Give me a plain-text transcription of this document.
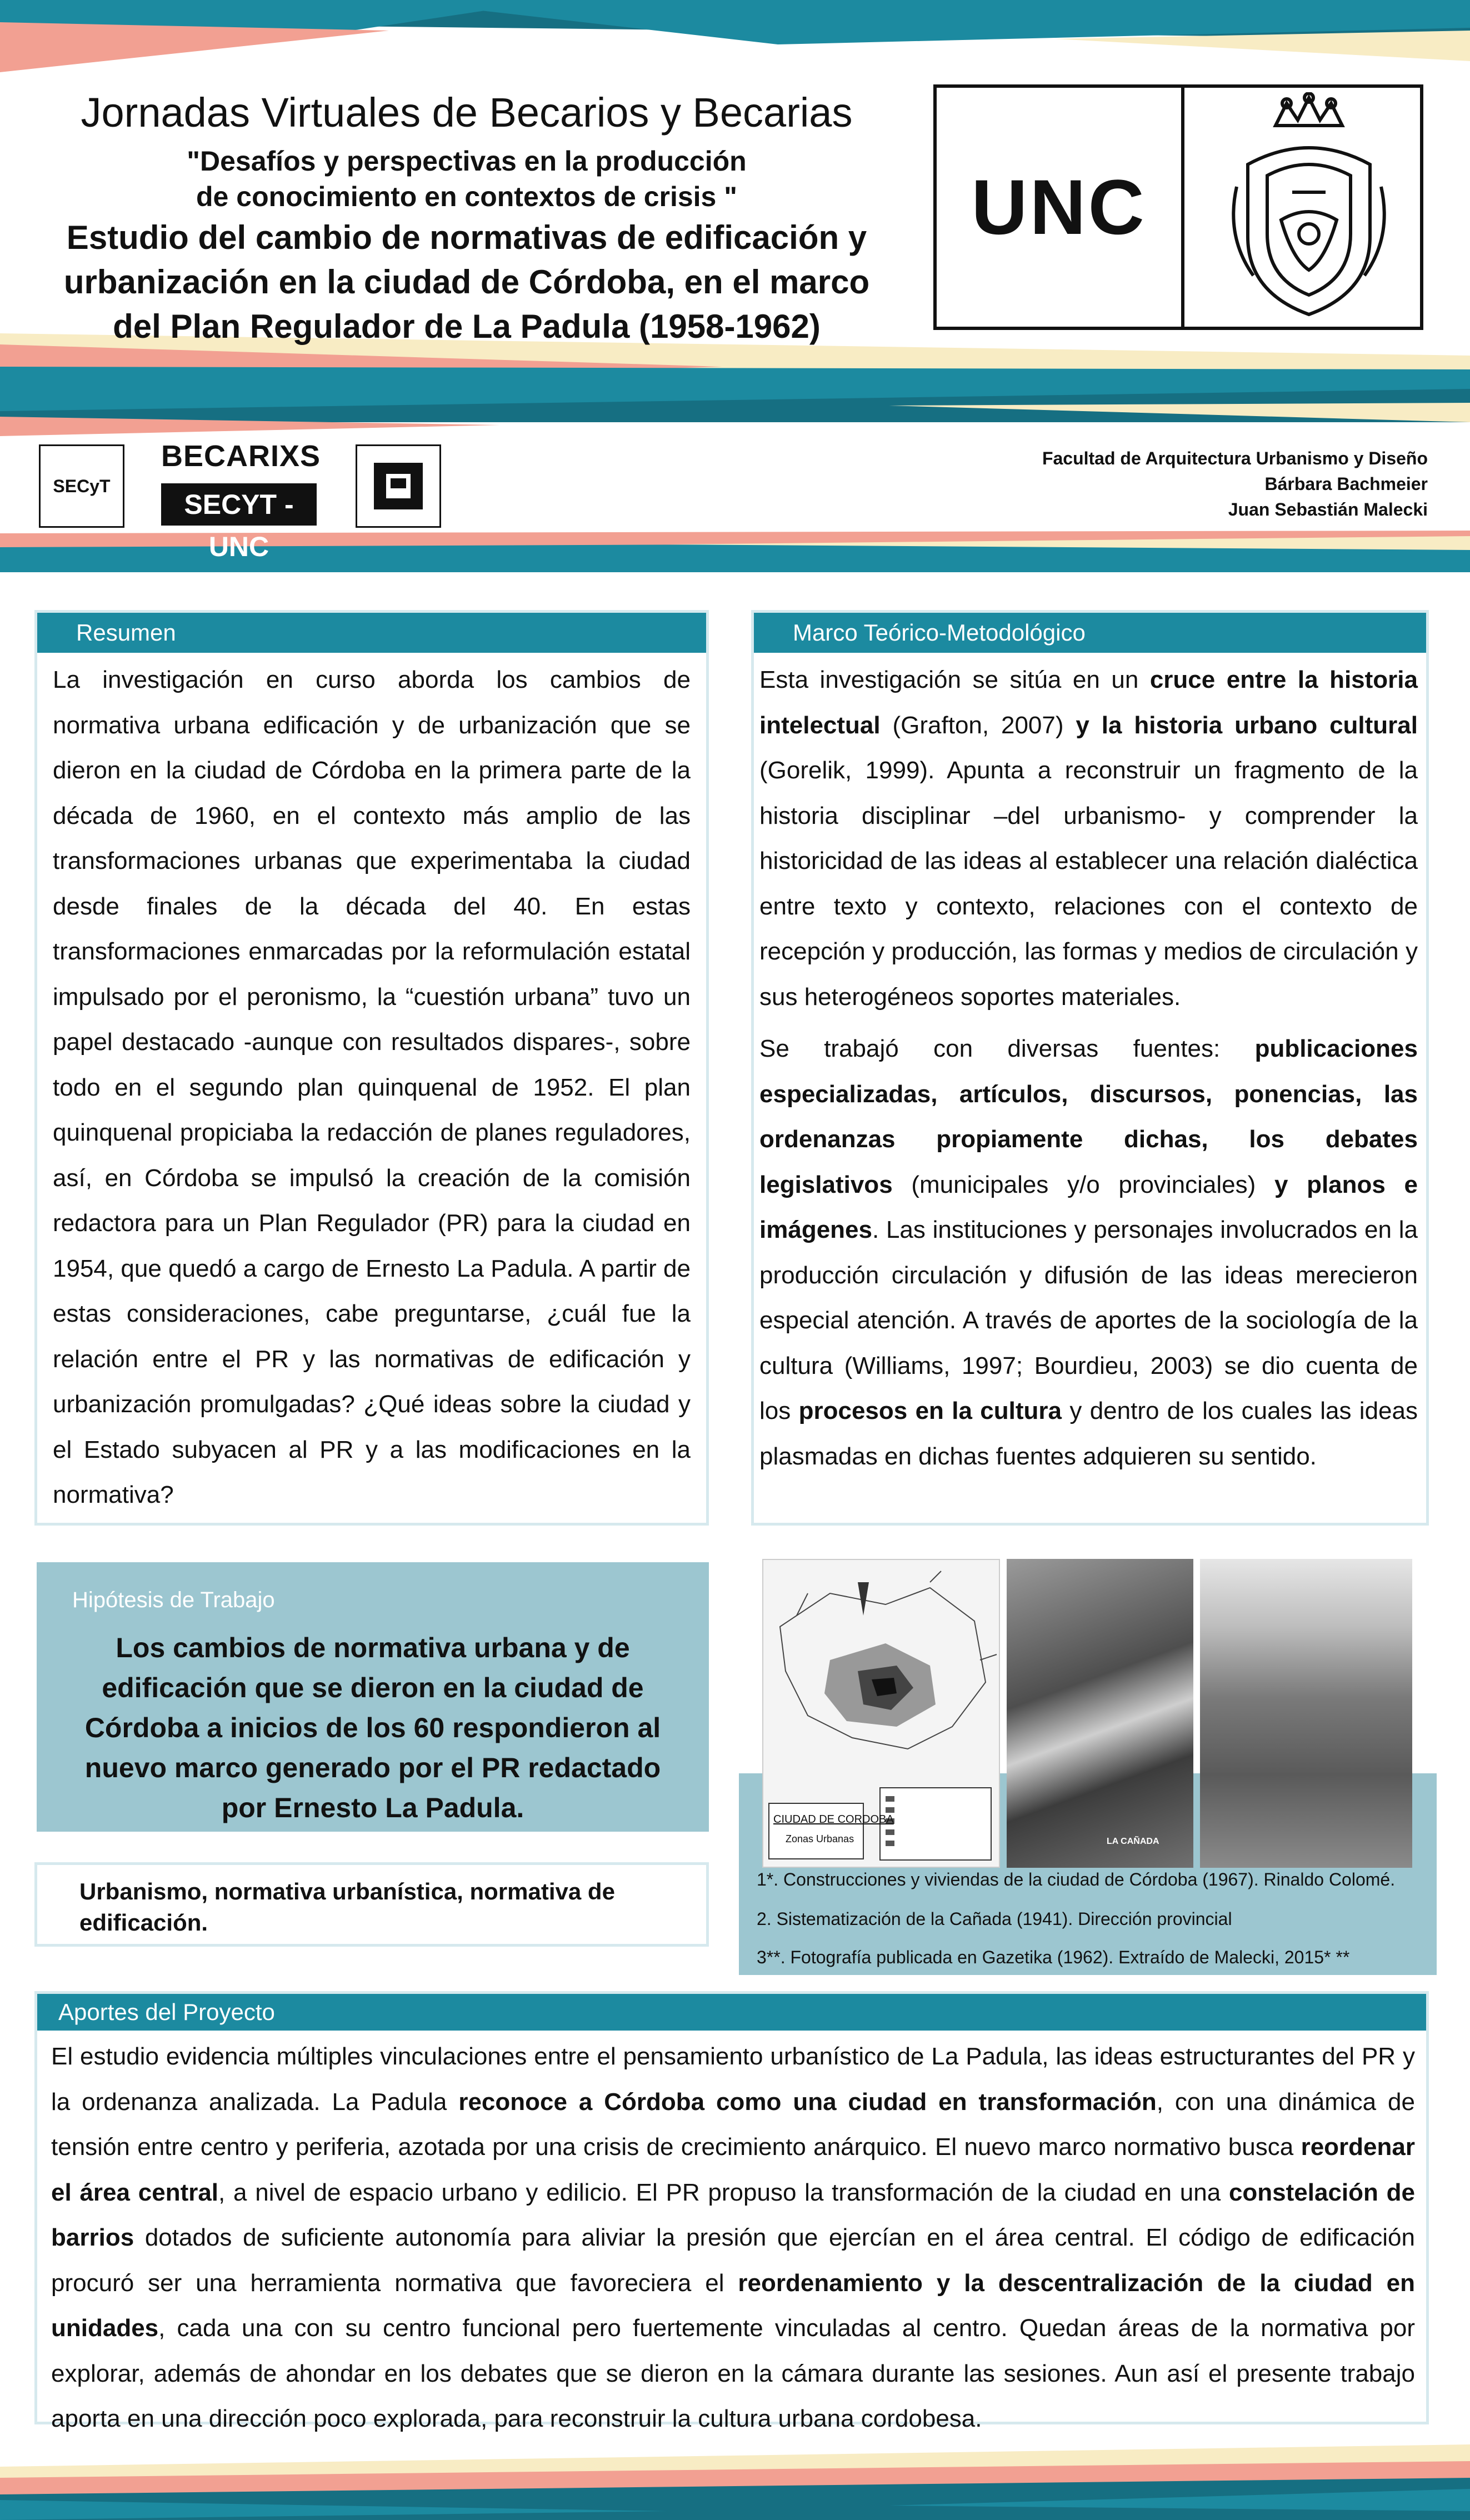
Jornadas Virtuales de Becarios y Becarias
"Desafíos y perspectivas en la producción
de conocimiento en contextos de crisis "
Estudio del cambio de normativas de edificación y
urbanización en la ciudad de Córdoba, en el marco
del Plan Regulador de La Padula (1958-1962)
UNC
SECyT
BECARIXS
SECYT -UNC
Facultad de Arquitectura Urbanismo y Diseño
Bárbara Bachmeier
Juan Sebastián Malecki
Resumen
La investigación en curso aborda los cambios de normativa urbana edificación y de urbanización que se dieron en la ciudad de Córdoba en la primera parte de la década de 1960, en el contexto más amplio de las transformaciones urbanas que experimentaba la ciudad desde finales de la década del 40. En estas transformaciones enmarcadas por la reformulación estatal impulsado por el peronismo, la “cuestión urbana” tuvo un papel destacado -aunque con resultados dispares-, sobre todo en el segundo plan quinquenal de 1952. El plan quinquenal propiciaba la redacción de planes reguladores, así, en Córdoba se impulsó la creación de la comisión redactora para un Plan Regulador (PR) para la ciudad en 1954, que quedó a cargo de Ernesto La Padula. A partir de estas consideraciones, cabe preguntarse, ¿cuál fue la relación entre el PR y las normativas de edificación y urbanización promulgadas? ¿Qué ideas sobre la ciudad y el Estado subyacen al PR y a las modificaciones en la normativa?
Marco Teórico-Metodológico
Esta investigación se sitúa en un cruce entre la historia intelectual (Grafton, 2007) y la historia urbano cultural (Gorelik, 1999). Apunta a reconstruir un fragmento de la historia disciplinar –del urbanismo- y comprender la historicidad de las ideas al establecer una relación dialéctica entre texto y contexto, relaciones con el contexto de recepción y producción, las formas y medios de circulación y sus heterogéneos soportes materiales.
Se trabajó con diversas fuentes: publicaciones especializadas, artículos, discursos, ponencias, las ordenanzas propiamente dichas, los debates legislativos (municipales y/o provinciales) y planos e imágenes. Las instituciones y personajes involucrados en la producción circulación y difusión de las ideas merecieron especial atención. A través de aportes de la sociología de la cultura (Williams, 1997; Bourdieu, 2003) se dio cuenta de los procesos en la cultura y dentro de los cuales las ideas plasmadas en dichas fuentes adquieren su sentido.
Hipótesis de Trabajo
Los cambios de normativa urbana y de edificación que se dieron en la ciudad de Córdoba a inicios de los 60 respondieron al nuevo marco generado por el PR redactado por Ernesto La Padula.
Urbanismo, normativa urbanística, normativa de edificación.
CIUDAD DE CORDOBA
Zonas Urbanas	LA CAÑADA
1*. Construcciones y viviendas de la ciudad de Córdoba (1967). Rinaldo Colomé.
2. Sistematización de la Cañada (1941). Dirección provincial
3**. Fotografía publicada en Gazetika (1962). Extraído de Malecki, 2015* **
Aportes del Proyecto
El estudio evidencia múltiples vinculaciones entre el pensamiento urbanístico de La Padula, las ideas estructurantes del PR y la ordenanza analizada. La Padula reconoce a Córdoba como una ciudad en transformación, con una dinámica de tensión entre centro y periferia, azotada por una crisis de crecimiento anárquico. El nuevo marco normativo busca reordenar el área central, a nivel de espacio urbano y edilicio. El PR propuso la transformación de la ciudad en una constelación de barrios dotados de suficiente autonomía para aliviar la presión que ejercían en el área central. El código de edificación procuró ser una herramienta normativa que favoreciera el reordenamiento y la descentralización de la ciudad en unidades, cada una con su centro funcional pero fuertemente vinculadas al centro. Quedan áreas de la normativa por explorar, además de ahondar en los debates que se dieron en la cámara durante las sesiones. Aun así el presente trabajo aporta en una dirección poco explorada, para reconstruir la cultura urbana cordobesa.
